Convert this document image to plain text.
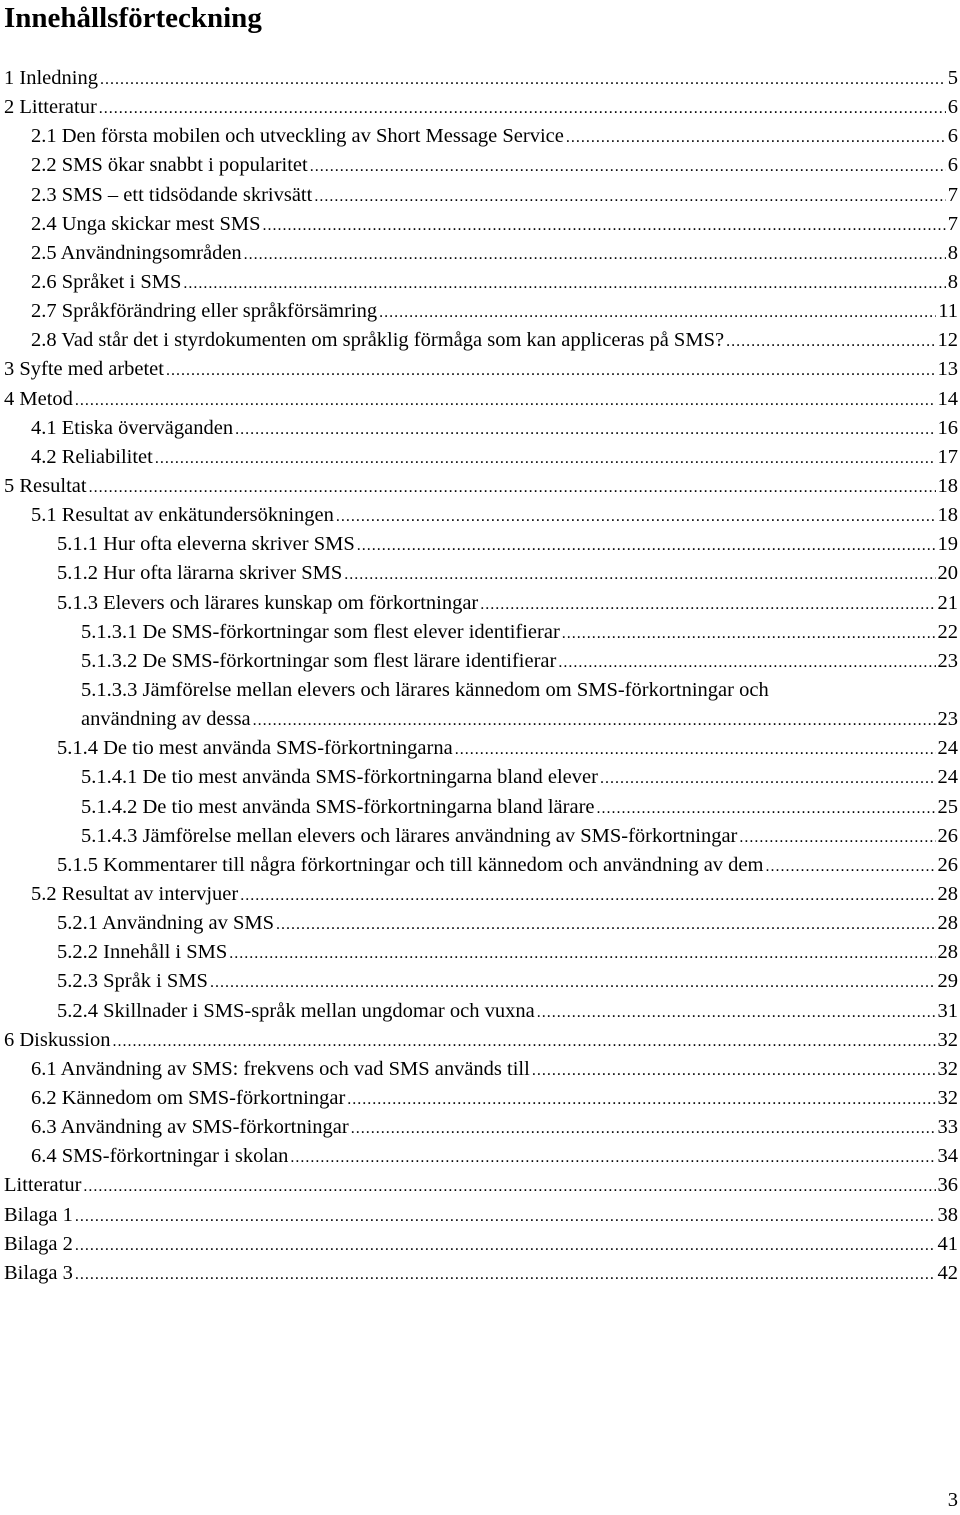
Innehållsförteckning
1 Inledning .....	5
2 Litteratur .....	6
2.1 Den första mobilen och utveckling av Short Message Service .....	6
2.2 SMS ökar snabbt i popularitet .....	6
2.3 SMS – ett tidsödande skrivsätt .....	7
2.4 Unga skickar mest SMS .....	7
2.5 Användningsområden .....	8
2.6 Språket i SMS .....	8
2.7 Språkförändring eller språkförsämring .....	11
2.8 Vad står det i styrdokumenten om språklig förmåga som kan appliceras på SMS? .....	12
3 Syfte med arbetet .....	13
4 Metod .....	14
4.1 Etiska överväganden .....	16
4.2 Reliabilitet .....	17
5 Resultat .....	18
5.1 Resultat av enkätundersökningen .....	18
5.1.1 Hur ofta eleverna skriver SMS .....	19
5.1.2 Hur ofta lärarna skriver SMS .....	20
5.1.3 Elevers och lärares kunskap om förkortningar .....	21
5.1.3.1 De SMS-förkortningar som flest elever identifierar .....	22
5.1.3.2 De SMS-förkortningar som flest lärare identifierar .....	23
5.1.3.3 Jämförelse mellan elevers och lärares kännedom om SMS-förkortningar och
användning av dessa .....	23
5.1.4 De tio mest använda SMS-förkortningarna .....	24
5.1.4.1 De tio mest använda SMS-förkortningarna bland elever .....	24
5.1.4.2 De tio mest använda SMS-förkortningarna bland lärare .....	25
5.1.4.3 Jämförelse mellan elevers och lärares användning av SMS-förkortningar .....	26
5.1.5 Kommentarer till några förkortningar och till kännedom och användning av dem .....	26
5.2 Resultat av intervjuer .....	28
5.2.1 Användning av SMS .....	28
5.2.2 Innehåll i SMS .....	28
5.2.3 Språk i SMS .....	29
5.2.4 Skillnader i SMS-språk mellan ungdomar och vuxna .....	31
6 Diskussion .....	32
6.1 Användning av SMS: frekvens och vad SMS används till .....	32
6.2 Kännedom om SMS-förkortningar .....	32
6.3 Användning av SMS-förkortningar .....	33
6.4 SMS-förkortningar i skolan .....	34
Litteratur .....	36
Bilaga 1 .....	38
Bilaga 2 .....	41
Bilaga 3 .....	42
3
